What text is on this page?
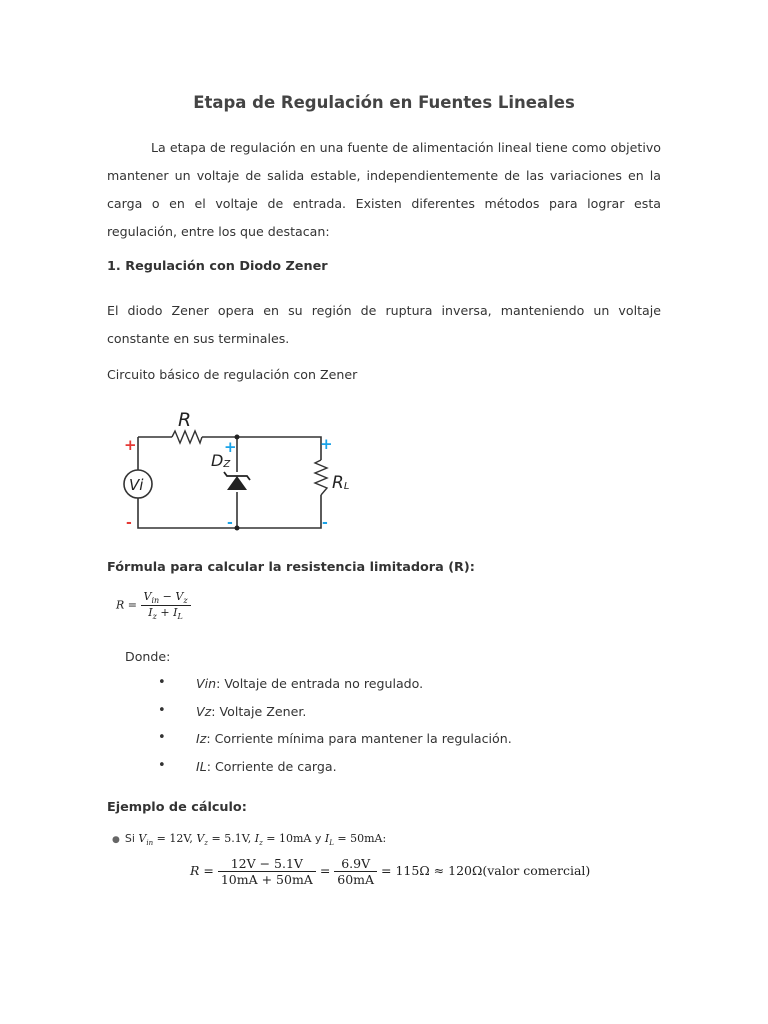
Etapa de Regulación en Fuentes Lineales
La etapa de regulación en una fuente de alimentación lineal tiene como objetivo mantener un voltaje de salida estable, independientemente de las variaciones en la carga o en el voltaje de entrada. Existen diferentes métodos para lograr esta regulación, entre los que destacan:
1. Regulación con Diodo Zener
El diodo Zener opera en su región de ruptura inversa, manteniendo un voltaje constante en sus terminales.
Circuito básico de regulación con Zener
R
Vi
DZ
RL
+
-
+
-
+
-
Fórmula para calcular la resistencia limitadora (R):
$R = \frac{V_{in} - V_z}{I_z + I_L}$
Donde:
• Vin: Voltaje de entrada no regulado.
• Vz: Voltaje Zener.
• Iz: Corriente mínima para mantener la regulación.
• IL: Corriente de carga.
Ejemplo de cálculo:
● Si $V_{in} = 12V$, $V_z = 5.1V$, $I_z = 10mA$ y $I_L = 50mA$:
$R = \frac{12V - 5.1V}{10mA + 50mA} = \frac{6.9V}{60mA} = 115\Omega$ ≈ 120Ω(valor comercial)
